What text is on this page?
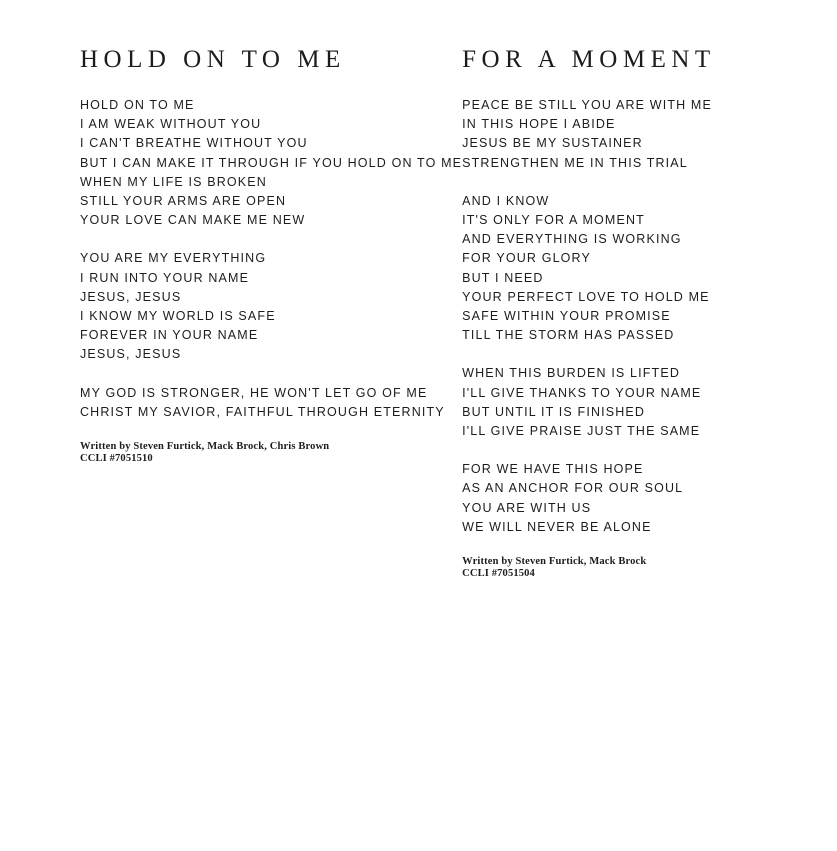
HOLD ON TO ME
HOLD ON TO ME
I AM WEAK WITHOUT YOU
I CAN'T BREATHE WITHOUT YOU
BUT I CAN MAKE IT THROUGH IF YOU HOLD ON TO ME
WHEN MY LIFE IS BROKEN
STILL YOUR ARMS ARE OPEN
YOUR LOVE CAN MAKE ME NEW
YOU ARE MY EVERYTHING
I RUN INTO YOUR NAME
JESUS, JESUS
I KNOW MY WORLD IS SAFE
FOREVER IN YOUR NAME
JESUS, JESUS
MY GOD IS STRONGER, HE WON'T LET GO OF ME
CHRIST MY SAVIOR, FAITHFUL THROUGH ETERNITY
Written by Steven Furtick, Mack Brock, Chris Brown
CCLI #7051510
FOR A MOMENT
PEACE BE STILL YOU ARE WITH ME
IN THIS HOPE I ABIDE
JESUS BE MY SUSTAINER
STRENGTHEN ME IN THIS TRIAL
AND I KNOW
IT'S ONLY FOR A MOMENT
AND EVERYTHING IS WORKING
FOR YOUR GLORY
BUT I NEED
YOUR PERFECT LOVE TO HOLD ME
SAFE WITHIN YOUR PROMISE
TILL THE STORM HAS PASSED
WHEN THIS BURDEN IS LIFTED
I'LL GIVE THANKS TO YOUR NAME
BUT UNTIL IT IS FINISHED
I'LL GIVE PRAISE JUST THE SAME
FOR WE HAVE THIS HOPE
AS AN ANCHOR FOR OUR SOUL
YOU ARE WITH US
WE WILL NEVER BE ALONE
Written by Steven Furtick, Mack Brock
CCLI #7051504
